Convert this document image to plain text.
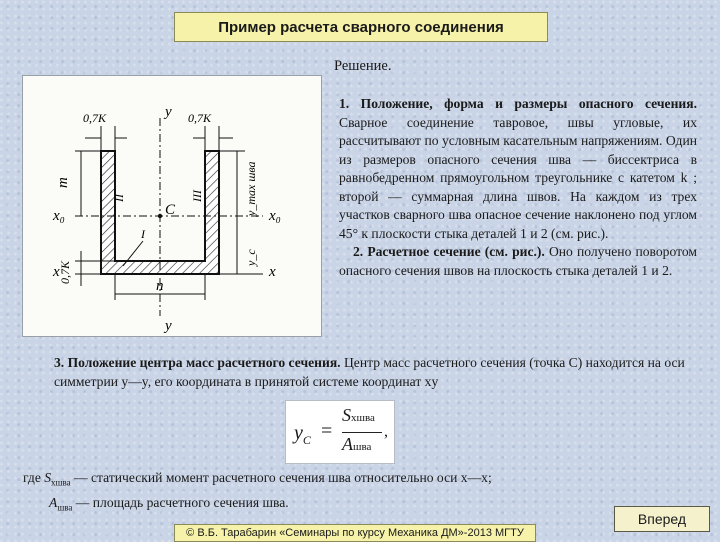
Пример расчета сварного соединения
Решение.
0,7K	0,7K
y
y
m
x₀	x₀
x	x
C
I
II	III
n
y_max шва
y_c
0,7K

1. Положение, форма и размеры опасного сечения. Сварное соединение тавровое, швы угловые, их рассчитывают по условным касательным напряжениям. Один из размеров опасного сечения шва — биссектриса в равнобедренном прямоугольном треугольнике с катетом k ; второй — суммарная длина швов. На каждом из трех участков сварного шва опасное сечение наклонено под углом 45° к плоскости стыка деталей 1 и 2 (см. рис.).

2. Расчетное сечение (см. рис.). Оно получено поворотом опасного сечения швов на плоскость стыка деталей 1 и 2.

3. Положение центра масс расчетного сечения. Центр масс расчетного сечения (точка С) находится на оси симметрии y—y, его координата в принятой системе координат xy
$y_C$ =
Sxшва
Aшва
,
где $S_{xшва}$ — статический момент расчетного сечения шва относительно оси x—x;
$A_{шва}$ — площадь расчетного сечения шва.
© В.Б. Тарабарин «Семинары по курсу Механика ДМ»-2013 МГТУ
Вперед
